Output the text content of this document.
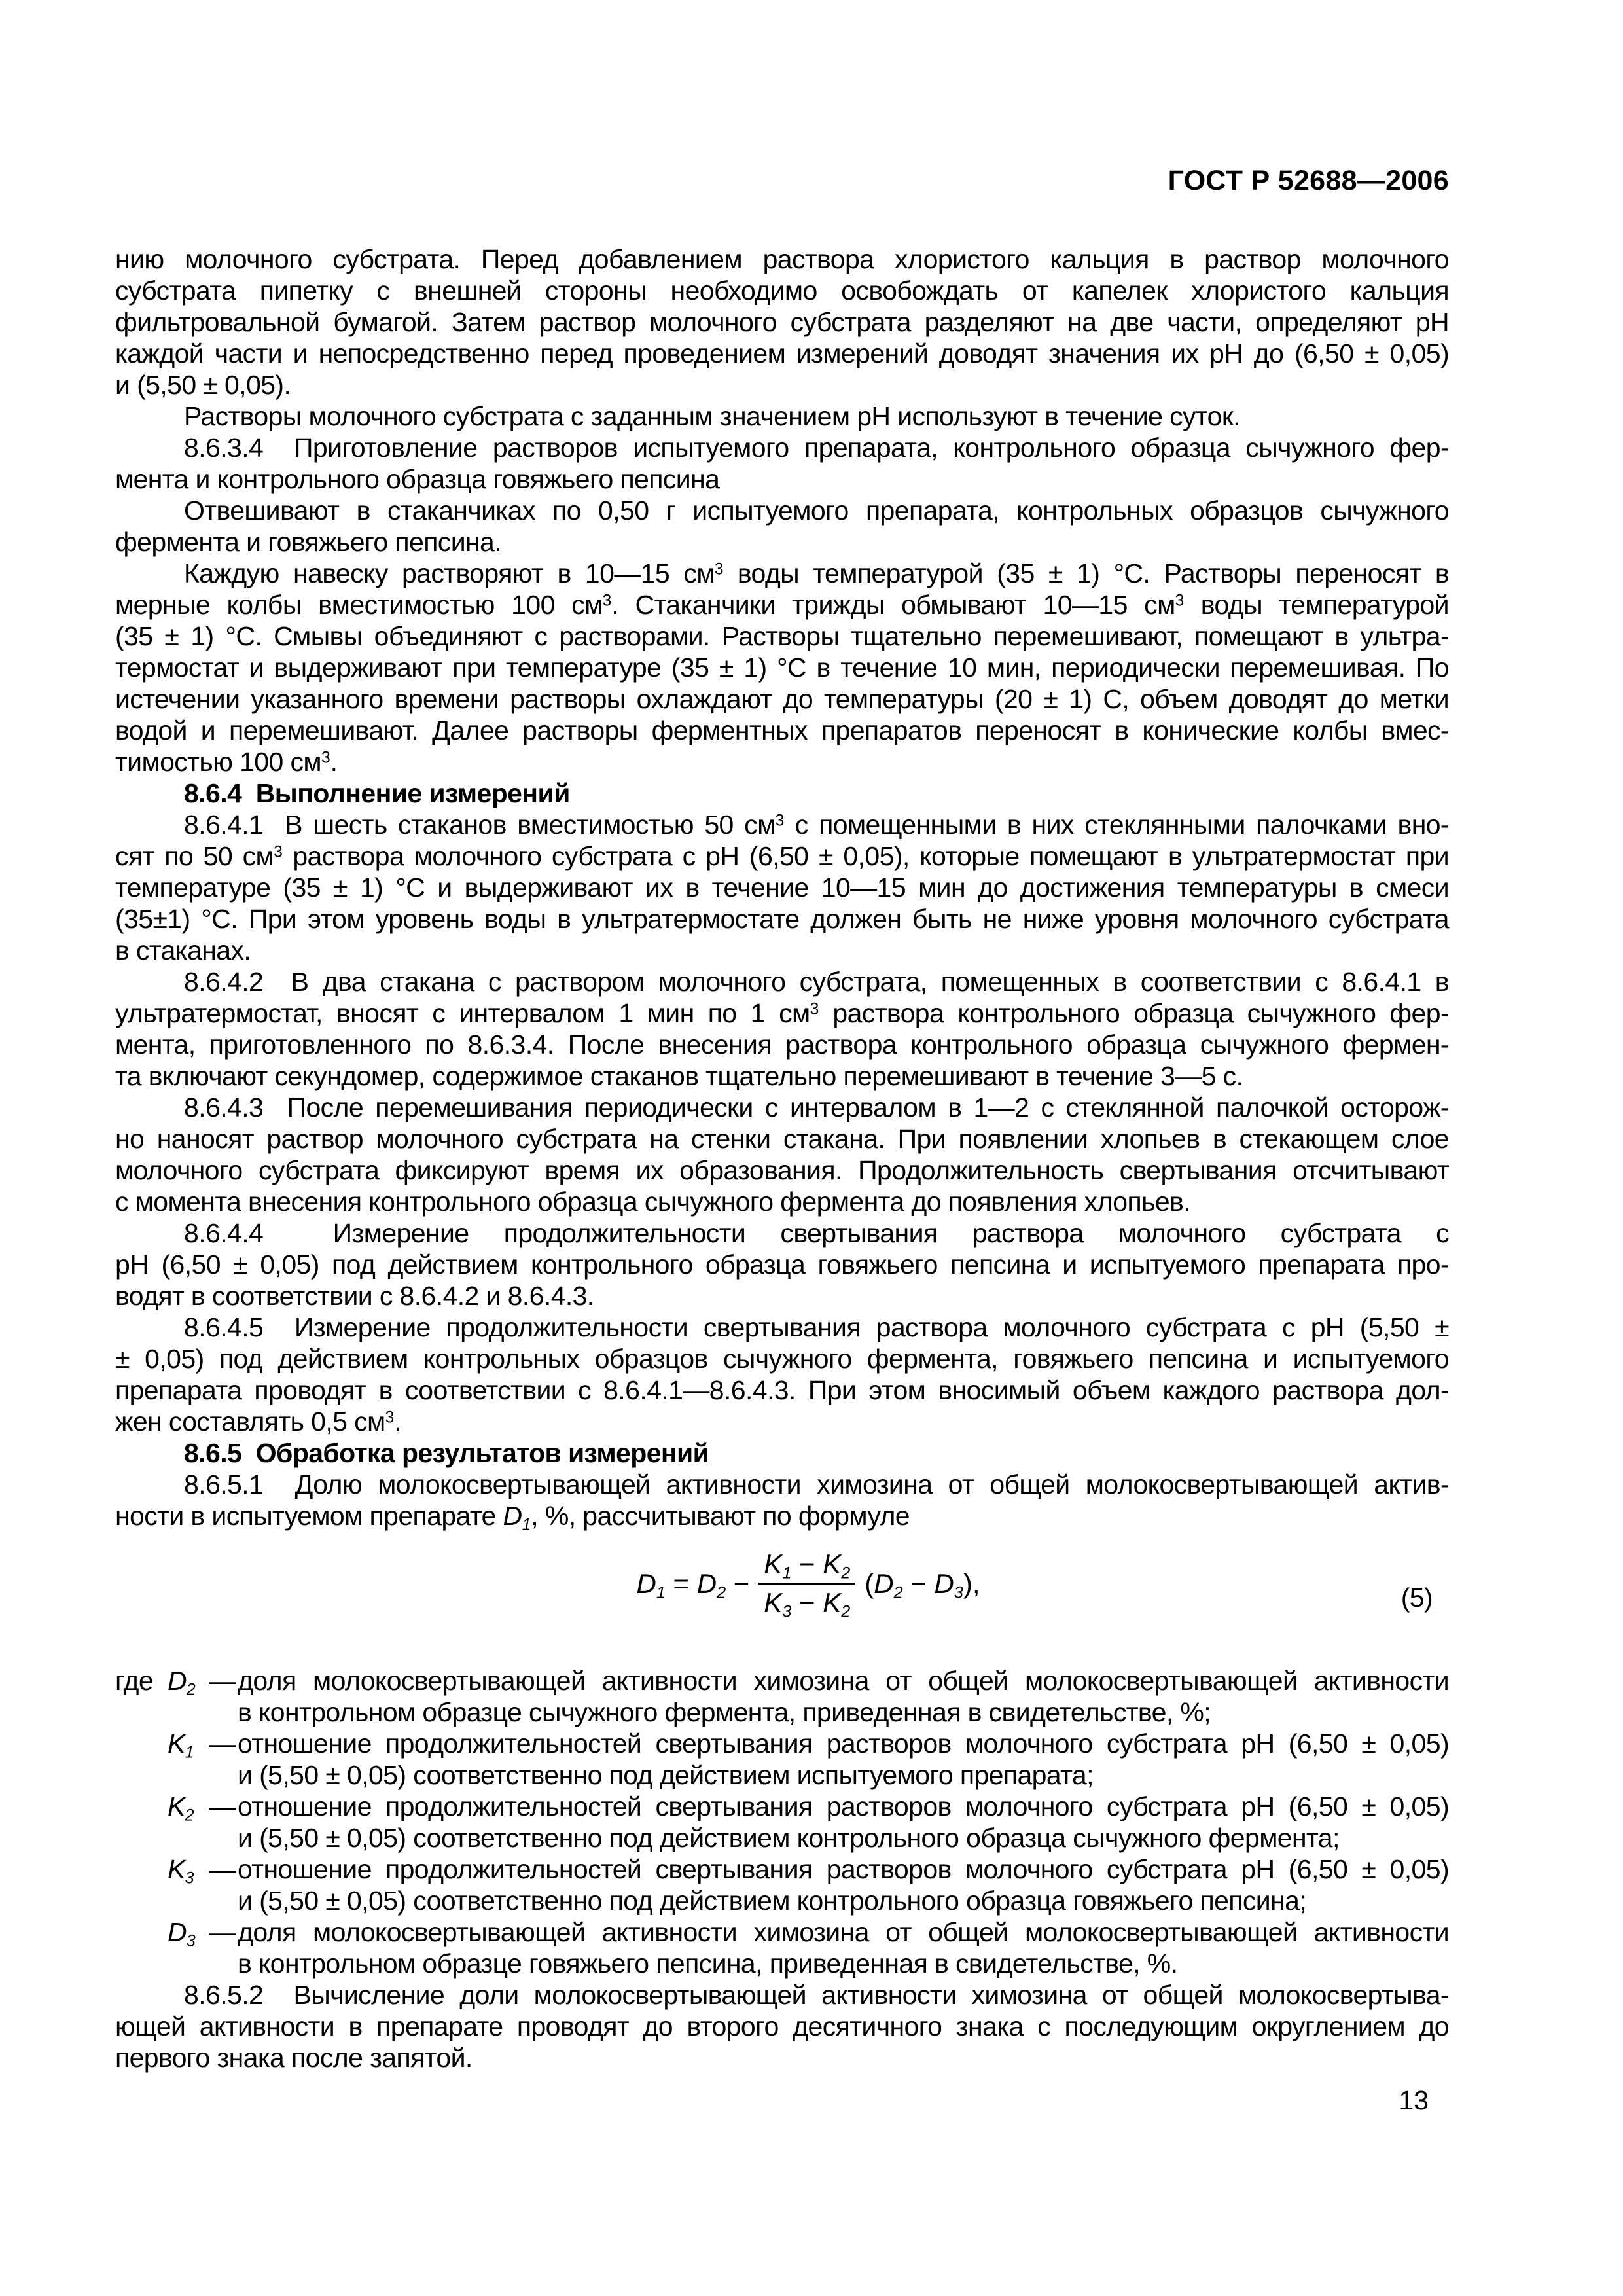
ГОСТ Р 52688—2006
нию молочного субстрата. Перед добавлением раствора хлористого кальция в раствор молочного
субстрата пипетку с внешней стороны необходимо освобождать от капелек хлористого кальция
фильтровальной бумагой. Затем раствор молочного субстрата разделяют на две части, определяют рН
каждой части и непосредственно перед проведением измерений доводят значения их рН до (6,50 ± 0,05)
и (5,50 ± 0,05).
Растворы молочного субстрата с заданным значением рН используют в течение суток.
8.6.3.4  Приготовление растворов испытуемого препарата, контрольного образца сычужного фер-
мента и контрольного образца говяжьего пепсина
Отвешивают в стаканчиках по 0,50 г испытуемого препарата, контрольных образцов сычужного
фермента и говяжьего пепсина.
Каждую навеску растворяют в 10—15 $см^3$ воды температурой (35 ± 1) °С. Растворы переносят в
мерные колбы вместимостью 100 $см^3$. Стаканчики трижды обмывают 10—15 $см^3$ воды температурой
(35 ± 1) °С. Смывы объединяют с растворами. Растворы тщательно перемешивают, помещают в ультра-
термостат и выдерживают при температуре (35 ± 1) °С в течение 10 мин, периодически перемешивая. По
истечении указанного времени растворы охлаждают до температуры (20 ± 1) С, объем доводят до метки
водой и перемешивают. Далее растворы ферментных препаратов переносят в конические колбы вмес-
тимостью 100 $см^3$.
8.6.4  Выполнение измерений
8.6.4.1  В шесть стаканов вместимостью 50 $см^3$ с помещенными в них стеклянными палочками вно-
сят по 50 $см^3$ раствора молочного субстрата с рН (6,50 ± 0,05), которые помещают в ультратермостат при
температуре (35 ± 1) °С и выдерживают их в течение 10—15 мин до достижения температуры в смеси
(35±1) °С. При этом уровень воды в ультратермостате должен быть не ниже уровня молочного субстрата
в стаканах.
8.6.4.2  В два стакана с раствором молочного субстрата, помещенных в соответствии с 8.6.4.1 в
ультратермостат, вносят с интервалом 1 мин по 1 $см^3$ раствора контрольного образца сычужного фер-
мента, приготовленного по 8.6.3.4. После внесения раствора контрольного образца сычужного фермен-
та включают секундомер, содержимое стаканов тщательно перемешивают в течение 3—5 с.
8.6.4.3  После перемешивания периодически с интервалом в 1—2 с стеклянной палочкой осторож-
но наносят раствор молочного субстрата на стенки стакана. При появлении хлопьев в стекающем слое
молочного субстрата фиксируют время их образования. Продолжительность свертывания отсчитывают
с момента внесения контрольного образца сычужного фермента до появления хлопьев.
8.6.4.4  Измерение продолжительности свертывания раствора молочного субстрата с
рН (6,50 ± 0,05) под действием контрольного образца говяжьего пепсина и испытуемого препарата про-
водят в соответствии с 8.6.4.2 и 8.6.4.3.
8.6.4.5  Измерение продолжительности свертывания раствора молочного субстрата с рН (5,50 ±
± 0,05) под действием контрольных образцов сычужного фермента, говяжьего пепсина и испытуемого
препарата проводят в соответствии с 8.6.4.1—8.6.4.3. При этом вносимый объем каждого раствора дол-
жен составлять 0,5 $см^3$.
8.6.5  Обработка результатов измерений
8.6.5.1  Долю молокосвертывающей активности химозина от общей молокосвертывающей актив-
ности в испытуемом препарате $D_1$, %, рассчитывают по формуле
$D_1 = D_2 - \frac{K_1 - K_2}{K_3 - K_2} (D_2 - D_3)$,	(5)
где $D_2$ — доля молокосвертывающей активности химозина от общей молокосвертывающей активности
в контрольном образце сычужного фермента, приведенная в свидетельстве, %;
$K_1$ — отношение продолжительностей свертывания растворов молочного субстрата рН (6,50 ± 0,05)
и (5,50 ± 0,05) соответственно под действием испытуемого препарата;
$K_2$ — отношение продолжительностей свертывания растворов молочного субстрата рН (6,50 ± 0,05)
и (5,50 ± 0,05) соответственно под действием контрольного образца сычужного фермента;
$K_3$ — отношение продолжительностей свертывания растворов молочного субстрата рН (6,50 ± 0,05)
и (5,50 ± 0,05) соответственно под действием контрольного образца говяжьего пепсина;
$D_3$ — доля молокосвертывающей активности химозина от общей молокосвертывающей активности
в контрольном образце говяжьего пепсина, приведенная в свидетельстве, %.
8.6.5.2  Вычисление доли молокосвертывающей активности химозина от общей молокосвертыва-
ющей активности в препарате проводят до второго десятичного знака с последующим округлением до
первого знака после запятой.
13
